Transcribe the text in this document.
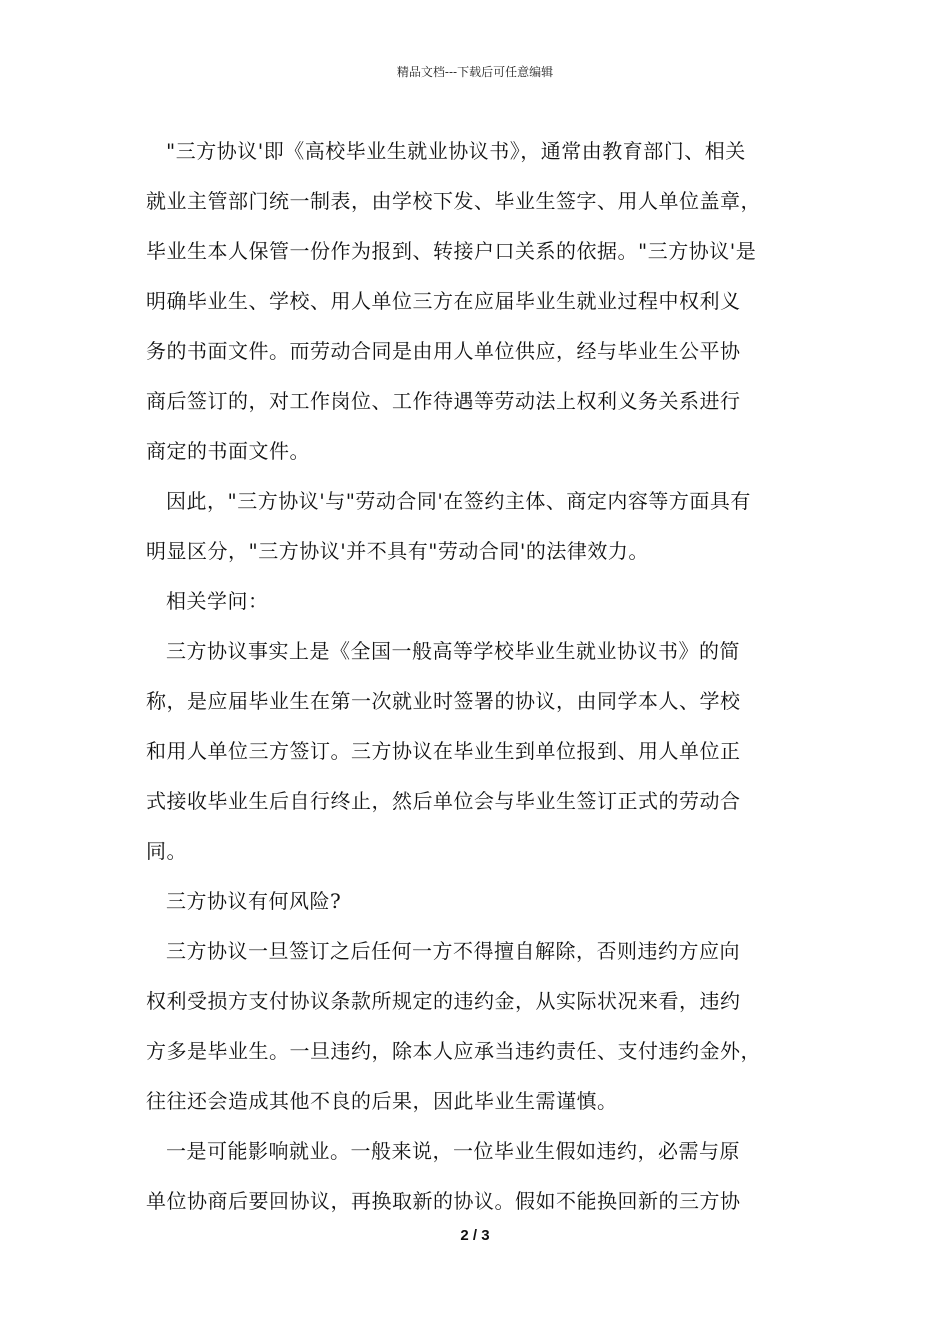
精品文档---下载后可任意编辑

"三方协议'即《高校毕业生就业协议书》，通常由教育部门、相关
就业主管部门统一制表，由学校下发、毕业生签字、用人单位盖章，
毕业生本人保管一份作为报到、转接户口关系的依据。"三方协议'是
明确毕业生、学校、用人单位三方在应届毕业生就业过程中权利义
务的书面文件。而劳动合同是由用人单位供应，经与毕业生公平协
商后签订的，对工作岗位、工作待遇等劳动法上权利义务关系进行
商定的书面文件。

因此，"三方协议'与"劳动合同'在签约主体、商定内容等方面具有
明显区分，"三方协议'并不具有"劳动合同'的法律效力。

相关学问：

三方协议事实上是《全国一般高等学校毕业生就业协议书》的简
称，是应届毕业生在第一次就业时签署的协议，由同学本人、学校
和用人单位三方签订。三方协议在毕业生到单位报到、用人单位正
式接收毕业生后自行终止，然后单位会与毕业生签订正式的劳动合
同。

三方协议有何风险?

三方协议一旦签订之后任何一方不得擅自解除，否则违约方应向
权利受损方支付协议条款所规定的违约金，从实际状况来看，违约
方多是毕业生。一旦违约，除本人应承当违约责任、支付违约金外，
往往还会造成其他不良的后果，因此毕业生需谨慎。

一是可能影响就业。一般来说，一位毕业生假如违约，必需与原
单位协商后要回协议，再换取新的协议。假如不能换回新的三方协

2 / 3
